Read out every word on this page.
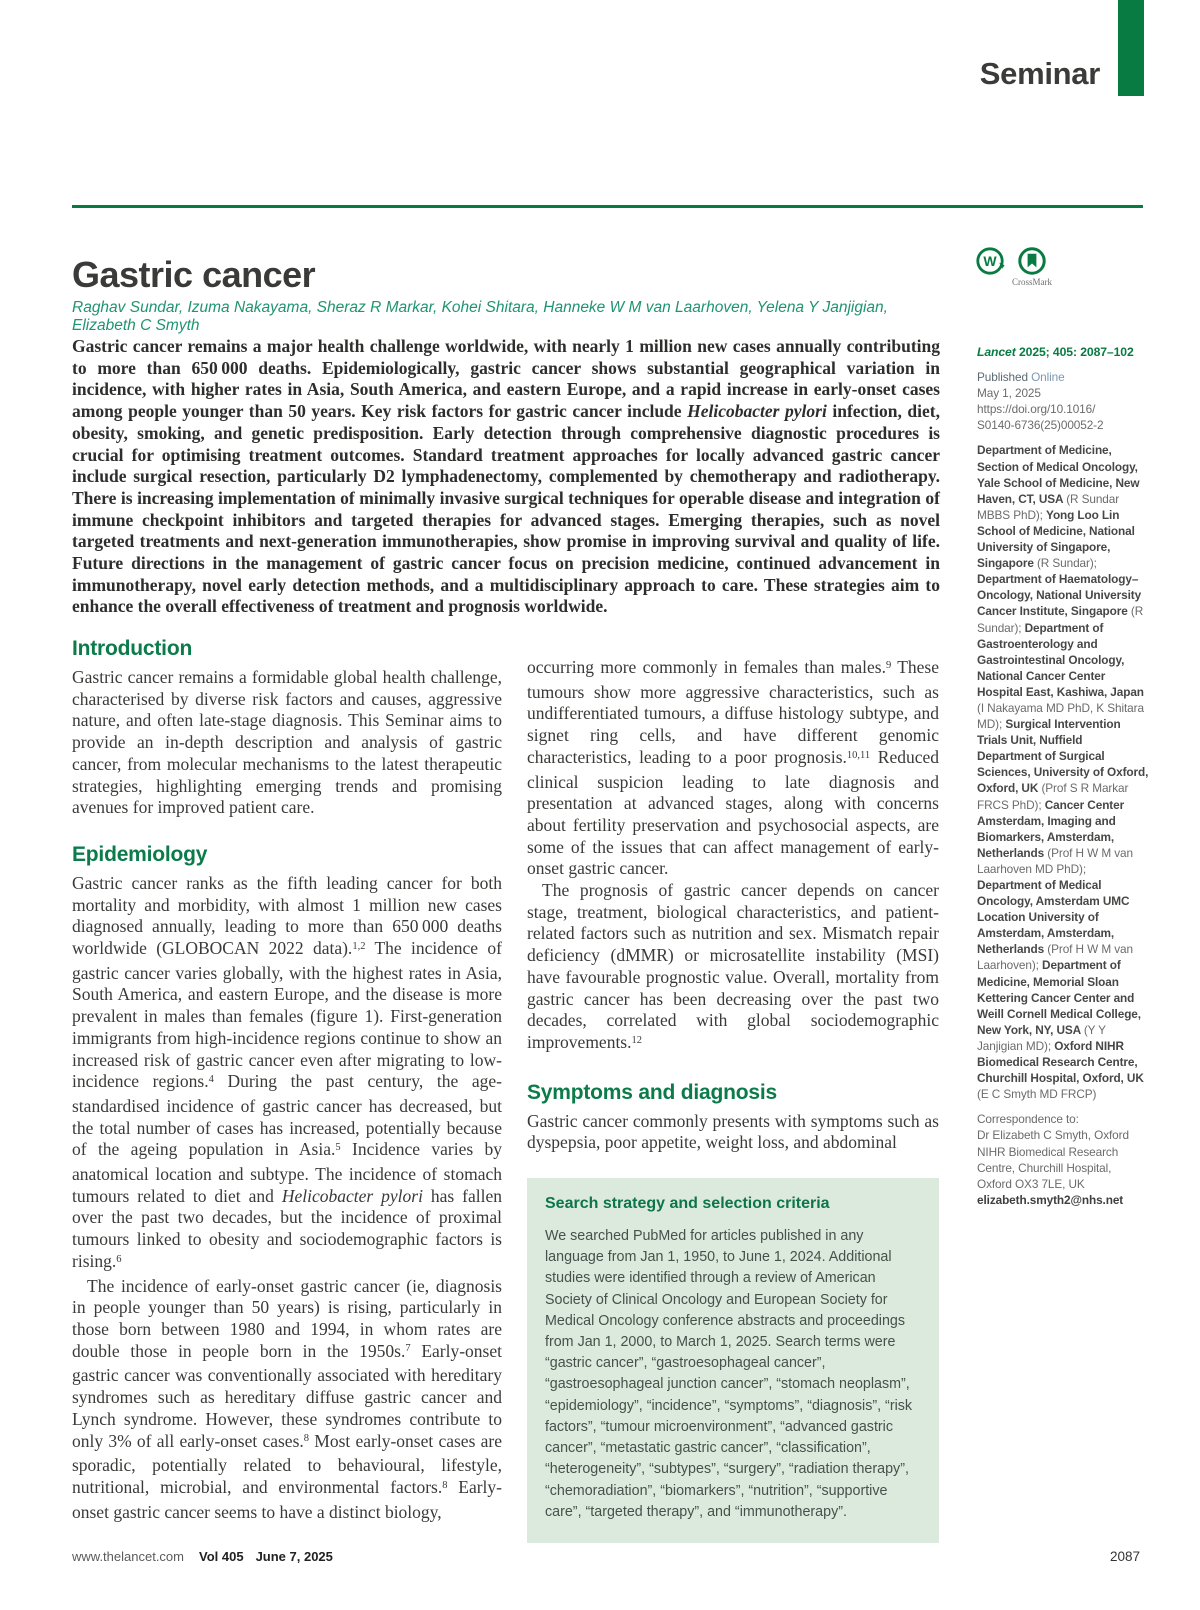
Seminar
Gastric cancer
Raghav Sundar, Izuma Nakayama, Sheraz R Markar, Kohei Shitara, Hanneke W M van Laarhoven, Yelena Y Janjigian, Elizabeth C Smyth
W
CrossMark

Gastric cancer remains a major health challenge worldwide, with nearly 1 million new cases annually contributing to more than 650 000 deaths. Epidemiologically, gastric cancer shows substantial geographical variation in incidence, with higher rates in Asia, South America, and eastern Europe, and a rapid increase in early-onset cases among people younger than 50 years. Key risk factors for gastric cancer include Helicobacter pylori infection, diet, obesity, smoking, and genetic predisposition. Early detection through comprehensive diagnostic procedures is crucial for optimising treatment outcomes. Standard treatment approaches for locally advanced gastric cancer include surgical resection, particularly D2 lymphadenectomy, complemented by chemotherapy and radiotherapy. There is increasing implementation of minimally invasive surgical techniques for operable disease and integration of immune checkpoint inhibitors and targeted therapies for advanced stages. Emerging therapies, such as novel targeted treatments and next-generation immunotherapies, show promise in improving survival and quality of life. Future directions in the management of gastric cancer focus on precision medicine, continued advancement in immunotherapy, novel early detection methods, and a multidisciplinary approach to care. These strategies aim to enhance the overall effectiveness of treatment and prognosis worldwide.

Introduction

Gastric cancer remains a formidable global health challenge, characterised by diverse risk factors and causes, aggressive nature, and often late-stage diagnosis. This Seminar aims to provide an in-depth description and analysis of gastric cancer, from molecular mechanisms to the latest therapeutic strategies, highlighting emerging trends and promising avenues for improved patient care.

Epidemiology

Gastric cancer ranks as the fifth leading cancer for both mortality and morbidity, with almost 1 million new cases diagnosed annually, leading to more than 650 000 deaths worldwide (GLOBOCAN 2022 data).$^{1,2}$ The incidence of gastric cancer varies globally, with the highest rates in Asia, South America, and eastern Europe, and the disease is more prevalent in males than females (figure 1). First-generation immigrants from high-incidence regions continue to show an increased risk of gastric cancer even after migrating to low-incidence regions.$^4$ During the past century, the age-standardised incidence of gastric cancer has decreased, but the total number of cases has increased, potentially because of the ageing population in Asia.$^5$ Incidence varies by anatomical location and subtype. The incidence of stomach tumours related to diet and Helicobacter pylori has fallen over the past two decades, but the incidence of proximal tumours linked to obesity and sociodemographic factors is rising.$^6$

The incidence of early-onset gastric cancer (ie, diagnosis in people younger than 50 years) is rising, particularly in those born between 1980 and 1994, in whom rates are double those in people born in the 1950s.$^7$ Early-onset gastric cancer was conventionally associated with hereditary syndromes such as hereditary diffuse gastric cancer and Lynch syndrome. However, these syndromes contribute to only 3% of all early-onset cases.$^8$ Most early-onset cases are sporadic, potentially related to behavioural, lifestyle, nutritional, microbial, and environmental factors.$^8$ Early-onset gastric cancer seems to have a distinct biology,

occurring more commonly in females than males.$^9$ These tumours show more aggressive characteristics, such as undifferentiated tumours, a diffuse histology subtype, and signet ring cells, and have different genomic characteristics, leading to a poor prognosis.$^{10,11}$ Reduced clinical suspicion leading to late diagnosis and presentation at advanced stages, along with concerns about fertility preservation and psychosocial aspects, are some of the issues that can affect management of early-onset gastric cancer.

The prognosis of gastric cancer depends on cancer stage, treatment, biological characteristics, and patient-related factors such as nutrition and sex. Mismatch repair deficiency (dMMR) or microsatellite instability (MSI) have favourable prognostic value. Overall, mortality from gastric cancer has been decreasing over the past two decades, correlated with global sociodemographic improvements.$^{12}$

Symptoms and diagnosis

Gastric cancer commonly presents with symptoms such as dyspepsia, poor appetite, weight loss, and abdominal

Search strategy and selection criteria

We searched PubMed for articles published in any language from Jan 1, 1950, to June 1, 2024. Additional studies were identified through a review of American Society of Clinical Oncology and European Society for Medical Oncology conference abstracts and proceedings from Jan 1, 2000, to March 1, 2025. Search terms were “gastric cancer”, “gastroesophageal cancer”, “gastroesophageal junction cancer”, “stomach neoplasm”, “epidemiology”, “incidence”, “symptoms”, “diagnosis”, “risk factors”, “tumour microenvironment”, “advanced gastric cancer”, “metastatic gastric cancer”, “classification”, “heterogeneity”, “subtypes”, “surgery”, “radiation therapy”, “chemoradiation”, “biomarkers”, “nutrition”, “supportive care”, “targeted therapy”, and “immunotherapy”.

Lancet 2025; 405: 2087–102

Published Online

May 1, 2025

https://doi.org/10.1016/

S0140-6736(25)00052-2

Department of Medicine, Section of Medical Oncology, Yale School of Medicine, New Haven, CT, USA (R Sundar MBBS PhD); Yong Loo Lin School of Medicine, National University of Singapore, Singapore (R Sundar); Department of Haematology–Oncology, National University Cancer Institute, Singapore (R Sundar); Department of Gastroenterology and Gastrointestinal Oncology, National Cancer Center Hospital East, Kashiwa, Japan (I Nakayama MD PhD, K Shitara MD); Surgical Intervention Trials Unit, Nuffield Department of Surgical Sciences, University of Oxford, Oxford, UK (Prof S R Markar FRCS PhD); Cancer Center Amsterdam, Imaging and Biomarkers, Amsterdam, Netherlands (Prof H W M van Laarhoven MD PhD); Department of Medical Oncology, Amsterdam UMC Location University of Amsterdam, Amsterdam, Netherlands (Prof H W M van Laarhoven); Department of Medicine, Memorial Sloan Kettering Cancer Center and Weill Cornell Medical College, New York, NY, USA (Y Y Janjigian MD); Oxford NIHR Biomedical Research Centre, Churchill Hospital, Oxford, UK (E C Smyth MD FRCP)

Correspondence to:

Dr Elizabeth C Smyth, Oxford NIHR Biomedical Research Centre, Churchill Hospital, Oxford OX3 7LE, UK

elizabeth.smyth2@nhs.net

www.thelancet.com Vol 405 June 7, 2025	2087
